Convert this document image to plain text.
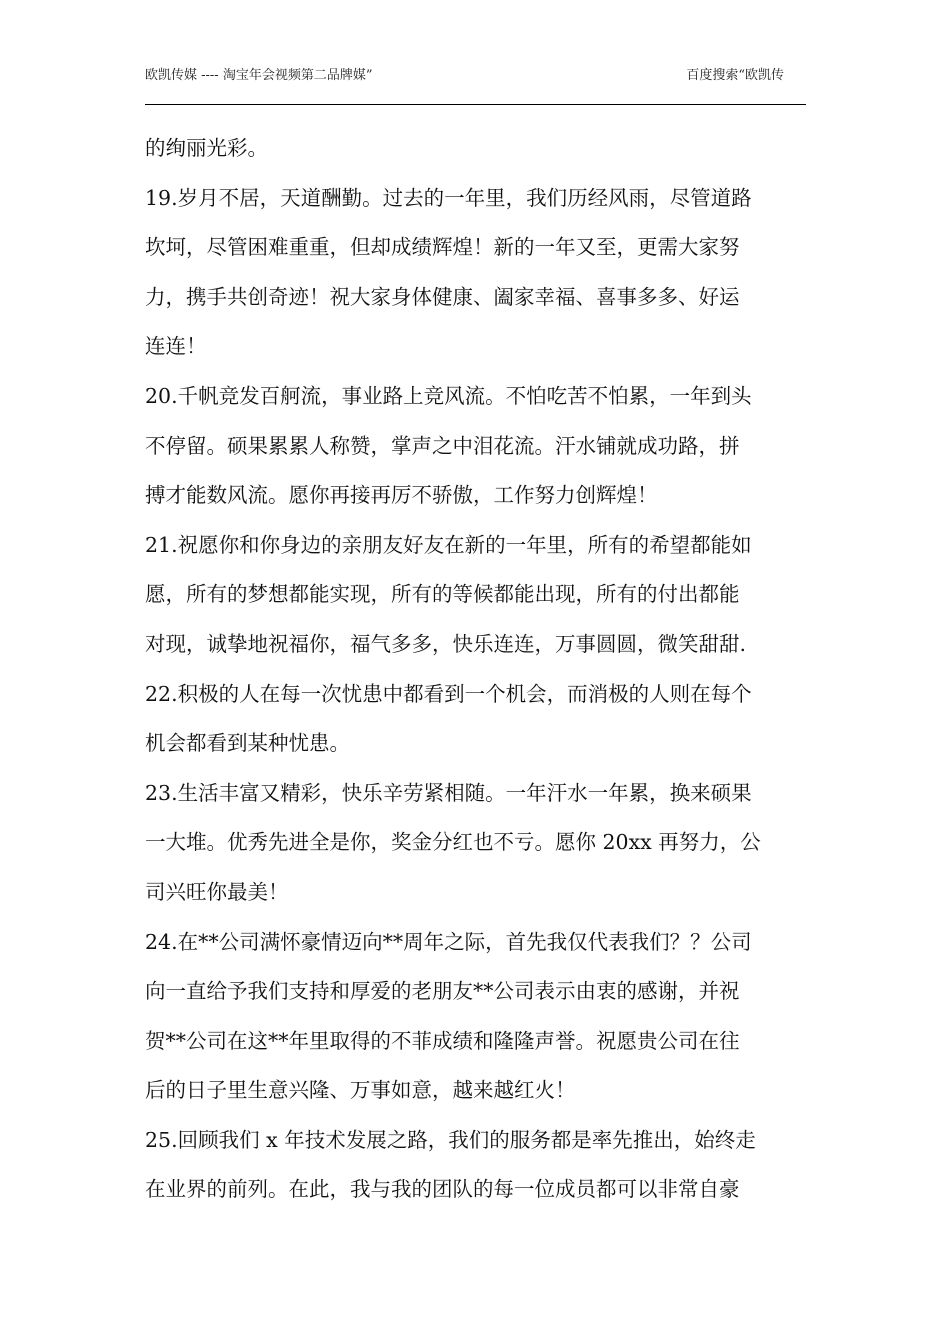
欧凯传媒 ---- 淘宝年会视频第二品牌媒”	百度搜索“欧凯传

的绚丽光彩。

19.岁月不居，天道酬勤。过去的一年里，我们历经风雨，尽管道路

坎坷，尽管困难重重，但却成绩辉煌！新的一年又至，更需大家努

力，携手共创奇迹！祝大家身体健康、阖家幸福、喜事多多、好运

连连！

20.千帆竞发百舸流，事业路上竞风流。不怕吃苦不怕累，一年到头

不停留。硕果累累人称赞，掌声之中泪花流。汗水铺就成功路，拼

搏才能数风流。愿你再接再厉不骄傲，工作努力创辉煌！

21.祝愿你和你身边的亲朋友好友在新的一年里，所有的希望都能如

愿，所有的梦想都能实现，所有的等候都能出现，所有的付出都能

对现，诚挚地祝福你，福气多多，快乐连连，万事圆圆，微笑甜甜.

22.积极的人在每一次忧患中都看到一个机会，而消极的人则在每个

机会都看到某种忧患。

23.生活丰富又精彩，快乐辛劳紧相随。一年汗水一年累，换来硕果

一大堆。优秀先进全是你，奖金分红也不亏。愿你 20xx 再努力，公

司兴旺你最美！

24.在**公司满怀豪情迈向**周年之际，首先我仅代表我们？？公司

向一直给予我们支持和厚爱的老朋友**公司表示由衷的感谢，并祝

贺**公司在这**年里取得的不菲成绩和隆隆声誉。祝愿贵公司在往

后的日子里生意兴隆、万事如意，越来越红火！

25.回顾我们 x 年技术发展之路，我们的服务都是率先推出，始终走

在业界的前列。在此，我与我的团队的每一位成员都可以非常自豪
